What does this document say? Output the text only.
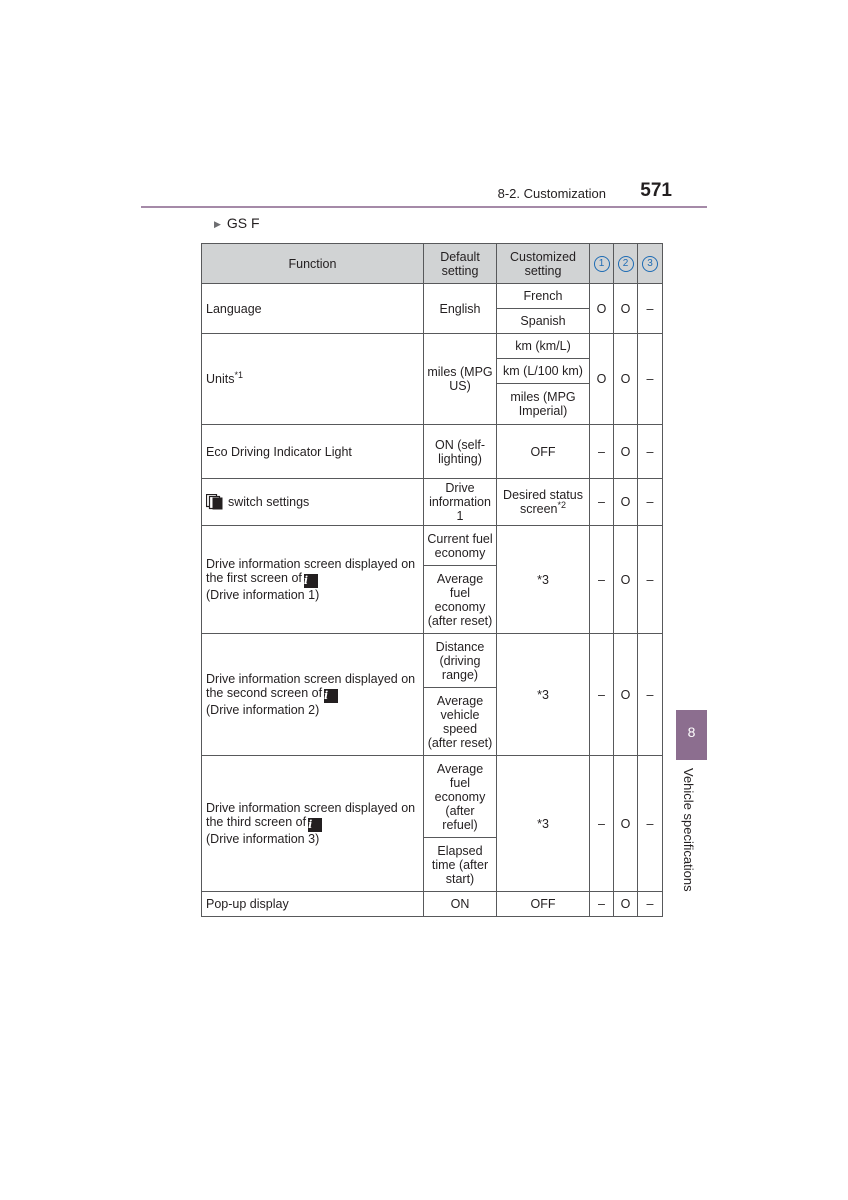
8-2. Customization	571
▶ GS F
Function	Default setting	Customized setting	1	2	3
Language	English	French	O	O	–
		Spanish			
Units$^{*1}$	miles (MPG US)	km (km/L)	O	O	–
		km (L/100 km)			
		miles (MPG Imperial)			
Eco Driving Indicator Light	ON (self-lighting)	OFF	–	O	–
switch settings	Drive information 1	Desired status screen$^{*2}$	–	O	–
Drive information screen displayed on
the first screen of i
(Drive information 1)	Current fuel economy	*3	–	O	–
	Average fuel economy (after reset)				
Drive information screen displayed on
the second screen of i
(Drive information 2)	Distance (driving range)	*3	–	O	–
	Average vehicle speed (after reset)				
Drive information screen displayed on
the third screen of i
(Drive information 3)	Average fuel economy (after refuel)	*3	–	O	–
	Elapsed time (after start)				
Pop-up display	ON	OFF	–	O	–
8
Vehicle specifications
